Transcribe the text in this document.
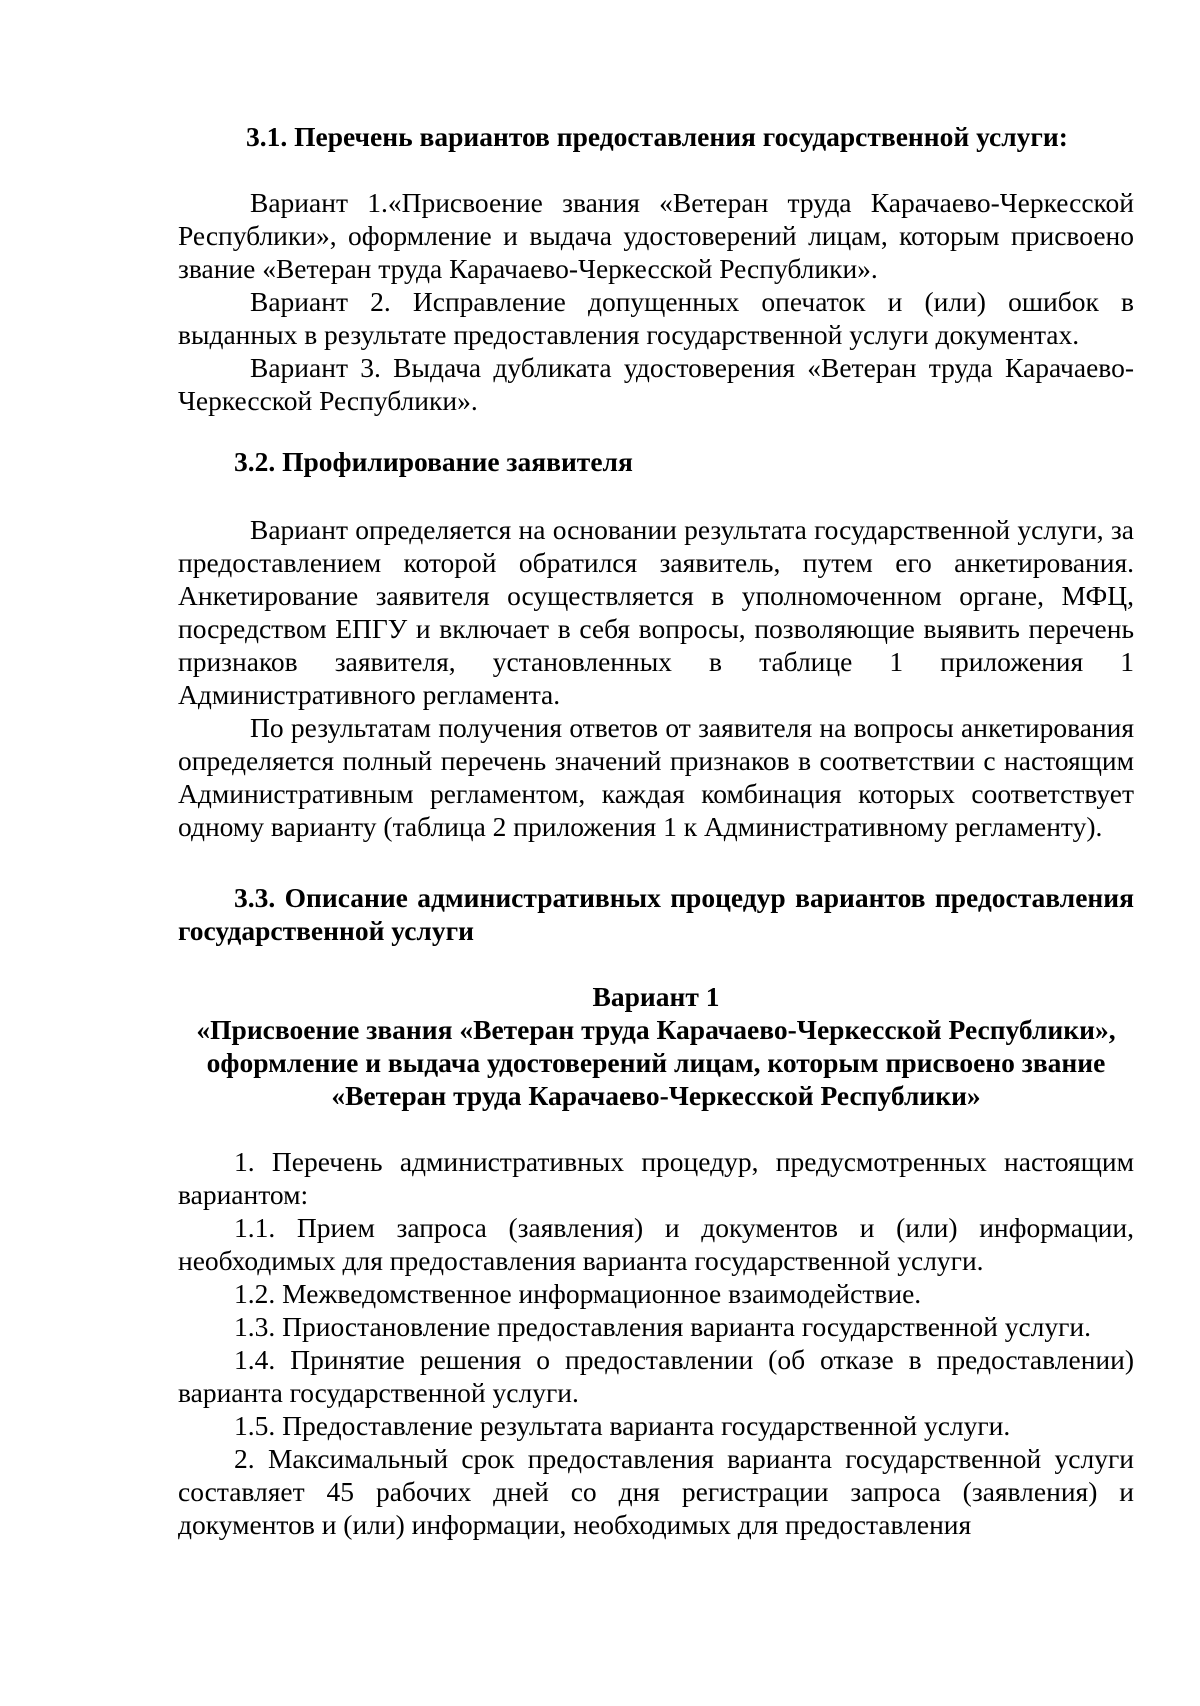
3.1. Перечень вариантов предоставления государственной услуги:

Вариант 1.«Присвоение звания «Ветеран труда Карачаево-Черкесской Республики», оформление и выдача удостоверений лицам, которым присвоено звание «Ветеран труда Карачаево-Черкесской Республики».

Вариант 2. Исправление допущенных опечаток и (или) ошибок в выданных в результате предоставления государственной услуги документах.

Вариант 3. Выдача дубликата удостоверения «Ветеран труда Карачаево-Черкесской Республики».

3.2. Профилирование заявителя

Вариант определяется на основании результата государственной услуги, за предоставлением которой обратился заявитель, путем его анкетирования. Анкетирование заявителя осуществляется в уполномоченном органе, МФЦ, посредством ЕПГУ и включает в себя вопросы, позволяющие выявить перечень признаков заявителя, установленных в таблице 1 приложения 1 Административного регламента.

По результатам получения ответов от заявителя на вопросы анкетирования определяется полный перечень значений признаков в соответствии с настоящим Административным регламентом, каждая комбинация которых соответствует одному варианту (таблица 2 приложения 1 к Административному регламенту).

3.3. Описание административных процедур вариантов предоставления государственной услуги

Вариант 1

«Присвоение звания «Ветеран труда Карачаево-Черкесской Республики», оформление и выдача удостоверений лицам, которым присвоено звание «Ветеран труда Карачаево-Черкесской Республики»

1. Перечень административных процедур, предусмотренных настоящим вариантом:

1.1. Прием запроса (заявления) и документов и (или) информации, необходимых для предоставления варианта государственной услуги.

1.2. Межведомственное информационное взаимодействие.

1.3. Приостановление предоставления варианта государственной услуги.

1.4. Принятие решения о предоставлении (об отказе в предоставлении) варианта государственной услуги.

1.5. Предоставление результата варианта государственной услуги.

2. Максимальный срок предоставления варианта государственной услуги составляет 45 рабочих дней со дня регистрации запроса (заявления) и документов и (или) информации, необходимых для предоставления
